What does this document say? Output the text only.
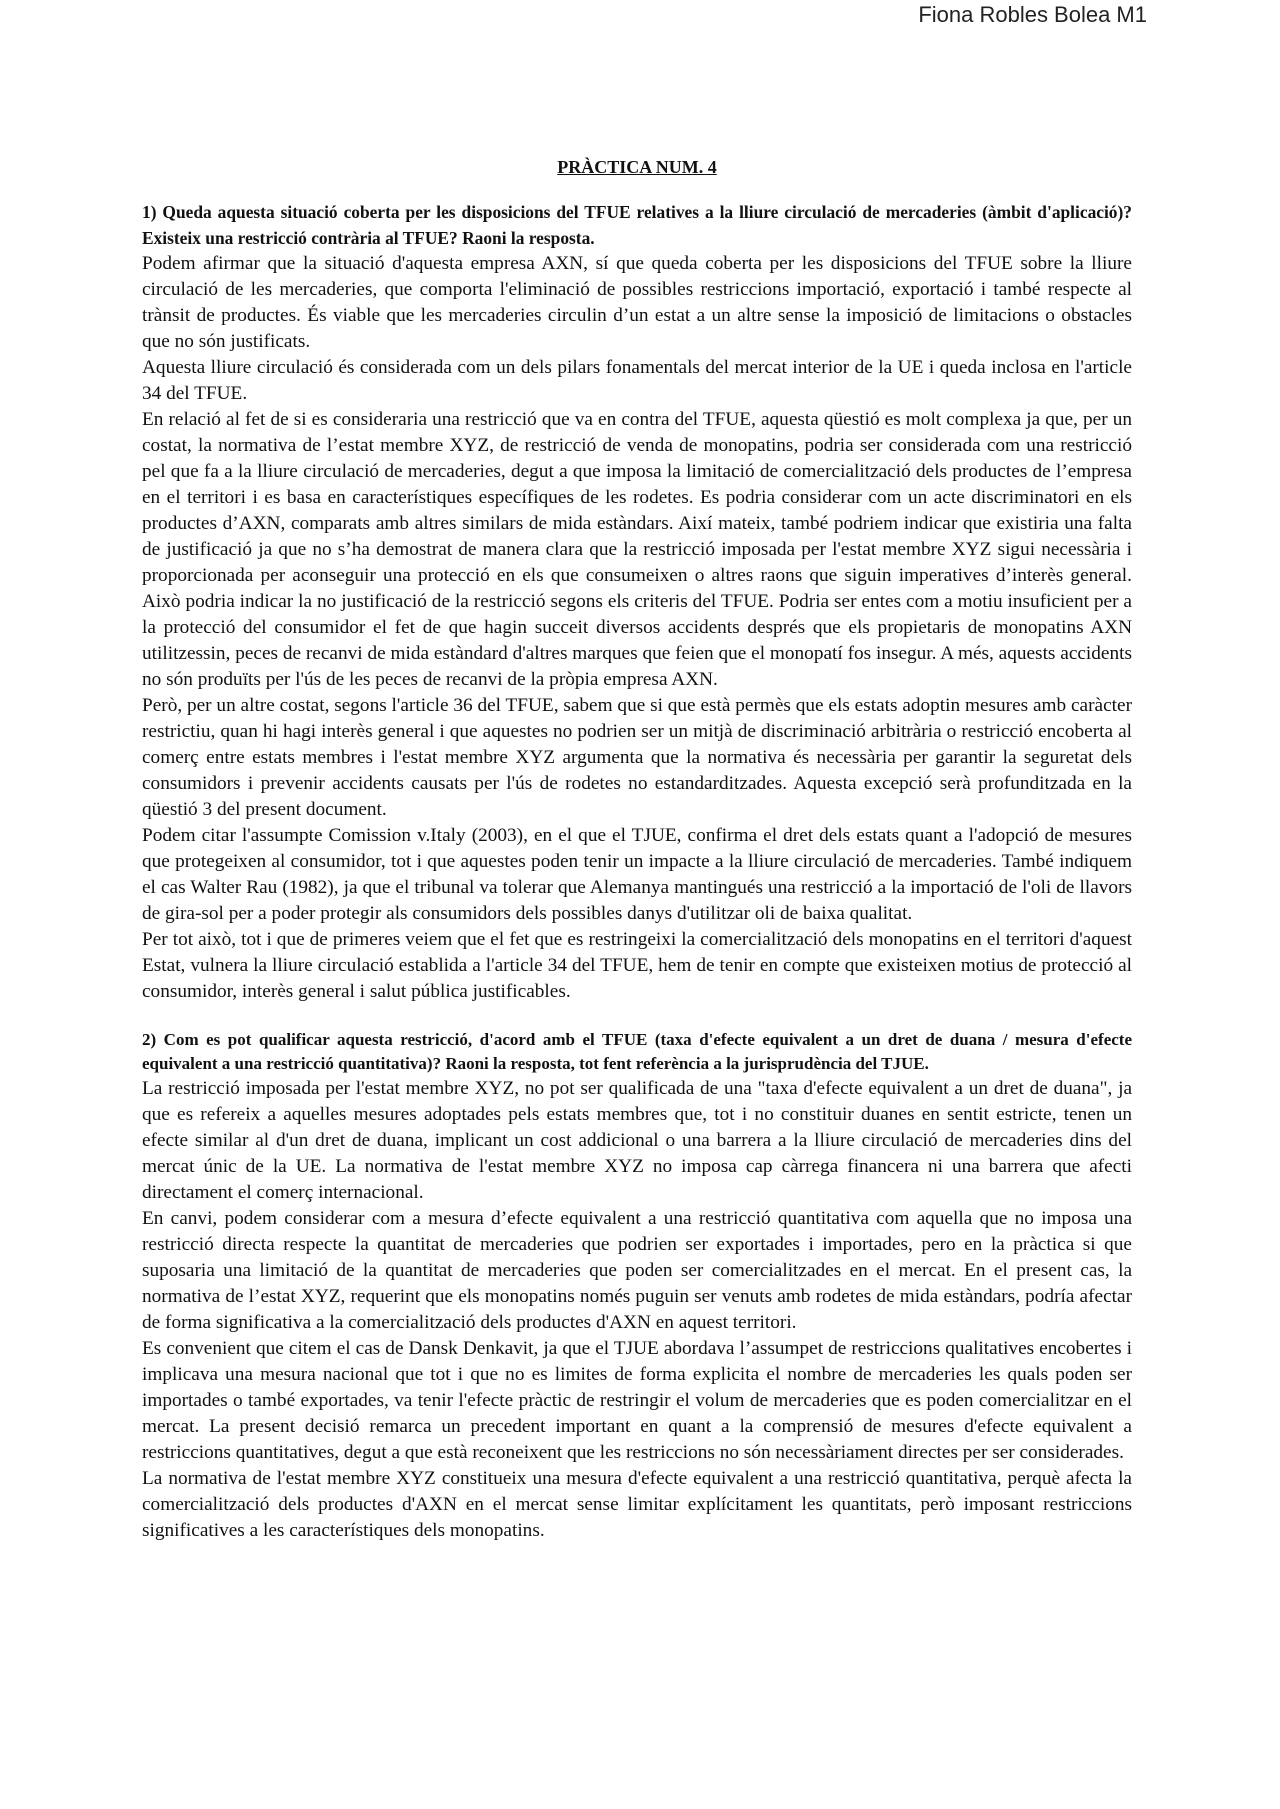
Fiona Robles Bolea M1

PRÀCTICA NUM. 4

1) Queda aquesta situació coberta per les disposicions del TFUE relatives a la lliure circulació de mercaderies (àmbit d'aplicació)? Existeix una restricció contrària al TFUE? Raoni la resposta.

Podem afirmar que la situació d'aquesta empresa AXN, sí que queda coberta per les disposicions del TFUE sobre la lliure circulació de les mercaderies, que comporta l'eliminació de possibles restriccions importació, exportació i també respecte al trànsit de productes. És viable que les mercaderies circulin d’un estat a un altre sense la imposició de limitacions o obstacles que no són justificats.

Aquesta lliure circulació és considerada com un dels pilars fonamentals del mercat interior de la UE i queda inclosa en l'article 34 del TFUE.

En relació al fet de si es consideraria una restricció que va en contra del TFUE, aquesta qüestió es molt complexa ja que, per un costat, la normativa de l’estat membre XYZ, de restricció de venda de monopatins, podria ser considerada com una restricció pel que fa a la lliure circulació de mercaderies, degut a que imposa la limitació de comercialització dels productes de l’empresa en el territori i es basa en característiques específiques de les rodetes. Es podria considerar com un acte discriminatori en els productes d’AXN, comparats amb altres similars de mida estàndars. Així mateix, també podriem indicar que existiria una falta de justificació ja que no s’ha demostrat de manera clara que la restricció imposada per l'estat membre XYZ sigui necessària i proporcionada per aconseguir una protecció en els que consumeixen o altres raons que siguin imperatives d’interès general. Això podria indicar la no justificació de la restricció segons els criteris del TFUE. Podria ser entes com a motiu insuficient per a la protecció del consumidor el fet de que hagin succeit diversos accidents després que els propietaris de monopatins AXN utilitzessin, peces de recanvi de mida estàndard d'altres marques que feien que el monopatí fos insegur. A més, aquests accidents no són produïts per l'ús de les peces de recanvi de la pròpia empresa AXN.

Però, per un altre costat, segons l'article 36 del TFUE, sabem que si que està permès que els estats adoptin mesures amb caràcter restrictiu, quan hi hagi interès general i que aquestes no podrien ser un mitjà de discriminació arbitrària o restricció encoberta al comerç entre estats membres i l'estat membre XYZ argumenta que la normativa és necessària per garantir la seguretat dels consumidors i prevenir accidents causats per l'ús de rodetes no estandarditzades. Aquesta excepció serà profunditzada en la qüestió 3 del present document.

Podem citar l'assumpte Comission v.Italy (2003), en el que el TJUE, confirma el dret dels estats quant a l'adopció de mesures que protegeixen al consumidor, tot i que aquestes poden tenir un impacte a la lliure circulació de mercaderies. També indiquem el cas Walter Rau (1982), ja que el tribunal va tolerar que Alemanya mantingués una restricció a la importació de l'oli de llavors de gira-sol per a poder protegir als consumidors dels possibles danys d'utilitzar oli de baixa qualitat.

Per tot això, tot i que de primeres veiem que el fet que es restringeixi la comercialització dels monopatins en el territori d'aquest Estat, vulnera la lliure circulació establida a l'article 34 del TFUE, hem de tenir en compte que existeixen motius de protecció al consumidor, interès general i salut pública justificables.

2) Com es pot qualificar aquesta restricció, d'acord amb el TFUE (taxa d'efecte equivalent a un dret de duana / mesura d'efecte equivalent a una restricció quantitativa)? Raoni la resposta, tot fent referència a la jurisprudència del TJUE.

La restricció imposada per l'estat membre XYZ, no pot ser qualificada de una "taxa d'efecte equivalent a un dret de duana", ja que es refereix a aquelles mesures adoptades pels estats membres que, tot i no constituir duanes en sentit estricte, tenen un efecte similar al d'un dret de duana, implicant un cost addicional o una barrera a la lliure circulació de mercaderies dins del mercat únic de la UE. La normativa de l'estat membre XYZ no imposa cap càrrega financera ni una barrera que afecti directament el comerç internacional.

En canvi, podem considerar com a mesura d’efecte equivalent a una restricció quantitativa com aquella que no imposa una restricció directa respecte la quantitat de mercaderies que podrien ser exportades i importades, pero en la pràctica si que suposaria una limitació de la quantitat de mercaderies que poden ser comercialitzades en el mercat. En el present cas, la normativa de l’estat XYZ, requerint que els monopatins només puguin ser venuts amb rodetes de mida estàndars, podría afectar de forma significativa a la comercialització dels productes d'AXN en aquest territori.

Es convenient que citem el cas de Dansk Denkavit, ja que el TJUE abordava l’assumpet de restriccions qualitatives encobertes i implicava una mesura nacional que tot i que no es limites de forma explicita el nombre de mercaderies les quals poden ser importades o també exportades, va tenir l'efecte pràctic de restringir el volum de mercaderies que es poden comercialitzar en el mercat. La present decisió remarca un precedent important en quant a la comprensió de mesures d'efecte equivalent a restriccions quantitatives, degut a que està reconeixent que les restriccions no són necessàriament directes per ser considerades.

La normativa de l'estat membre XYZ constitueix una mesura d'efecte equivalent a una restricció quantitativa, perquè afecta la comercialització dels productes d'AXN en el mercat sense limitar explícitament les quantitats, però imposant restriccions significatives a les característiques dels monopatins.
